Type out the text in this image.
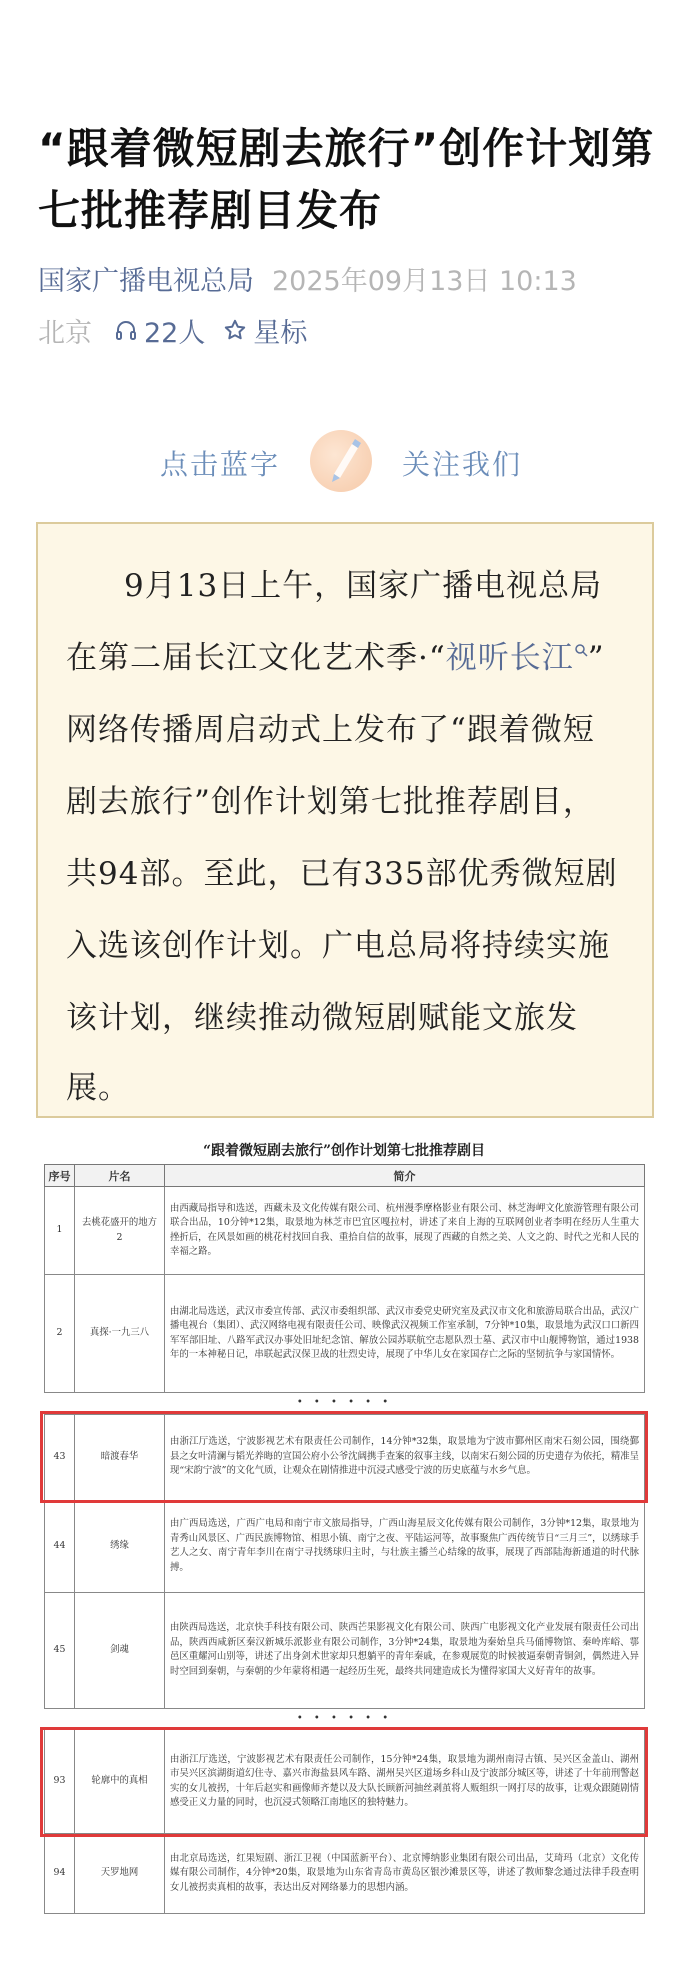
“跟着微短剧去旅行”创作计划第七批推荐剧目发布
国家广播电视总局 2025年09月13日 10:13
北京 22人 星标
点击蓝字	关注我们
9月13日上午，国家广播电视总局
在第二届长江文化艺术季·“视听长江 ”
网络传播周启动式上发布了“跟着微短
剧去旅行”创作计划第七批推荐剧目，
共94部。至此，已有335部优秀微短剧
入选该创作计划。广电总局将持续实施
该计划，继续推动微短剧赋能文旅发
展。
“跟着微短剧去旅行”创作计划第七批推荐剧目
序号	片名	简介
1	去桃花盛开的地方2	由西藏局指导和选送，西藏未及文化传媒有限公司、杭州漫季摩格影业有限公司、林芝海岬文化旅游管理有限公司联合出品，10分钟*12集，取景地为林芝市巴宜区嘎拉村，讲述了来自上海的互联网创业者李明在经历人生重大挫折后，在风景如画的桃花村找回自我、重拾自信的故事，展现了西藏的自然之美、人文之韵、时代之光和人民的幸福之路。
2	真探·一九三八	由湖北局选送，武汉市委宣传部、武汉市委组织部、武汉市委党史研究室及武汉市文化和旅游局联合出品，武汉广播电视台（集团）、武汉网络电视有限责任公司、映像武汉视频工作室承制，7分钟*10集，取景地为武汉口口新四军军部旧址、八路军武汉办事处旧址纪念馆、解放公园苏联航空志愿队烈士墓、武汉市中山舰博物馆，通过1938年的一本神秘日记，串联起武汉保卫战的壮烈史诗，展现了中华儿女在家国存亡之际的坚韧抗争与家国情怀。
• • • • • •		
43	暗渡春华	由浙江厅选送，宁波影视艺术有限责任公司制作，14分钟*32集，取景地为宁波市鄞州区南宋石刻公园，围绕鄞县之女叶清澜与韬光养晦的宣国公府小公爷沈阔携手查案的叙事主线，以南宋石刻公园的历史遗存为依托，精准呈现“宋韵宁波”的文化气质，让观众在剧情推进中沉浸式感受宁波的历史底蕴与水乡气息。
44	绣缘	由广西局选送，广西广电局和南宁市文旅局指导，广西山海星辰文化传媒有限公司制作，3分钟*12集，取景地为青秀山风景区、广西民族博物馆、相思小镇、南宁之夜、平陆运河等，故事聚焦广西传统节日“三月三”，以绣球手艺人之女、南宁青年李川在南宁寻找绣球归主时，与壮族主播兰心结缘的故事，展现了西部陆海新通道的时代脉搏。
45	剑魂	由陕西局选送，北京快手科技有限公司、陕西芒果影视文化有限公司、陕西广电影视文化产业发展有限责任公司出品，陕西西咸新区秦汉新城乐派影业有限公司制作，3分钟*24集，取景地为秦始皇兵马俑博物馆、秦岭库峪、鄠邑区重耀河山别等，讲述了出身剑术世家却只想躺平的青年秦戚，在参观展览的时候被逼秦朝青铜剑，偶然进入异时空回到秦朝，与秦朝的少年蒙将相遇一起经历生死，最终共同建造成长为懂得家国大义好青年的故事。
• • • • • •		
93	轮廓中的真相	由浙江厅选送，宁波影视艺术有限责任公司制作，15分钟*24集，取景地为湖州南浔古镇、吴兴区金盖山、湖州市吴兴区滨湖街道幻住寺、嘉兴市海盐县风车路、湖州吴兴区道场乡科山及宁波部分城区等，讲述了十年前刑警赵实的女儿被拐，十年后赵实和画像师齐楚以及大队长顾新河抽丝剥茧将人贩组织一网打尽的故事，让观众跟随剧情感受正义力量的同时，也沉浸式领略江南地区的独特魅力。
94	天罗地网	由北京局选送，红果短剧、浙江卫视（中国蓝新平台）、北京博纳影业集团有限公司出品，艾琦玛（北京）文化传媒有限公司制作，4分钟*20集，取景地为山东省青岛市黄岛区银沙滩景区等，讲述了教师黎念通过法律手段查明女儿被拐卖真相的故事，表达出反对网络暴力的思想内涵。
